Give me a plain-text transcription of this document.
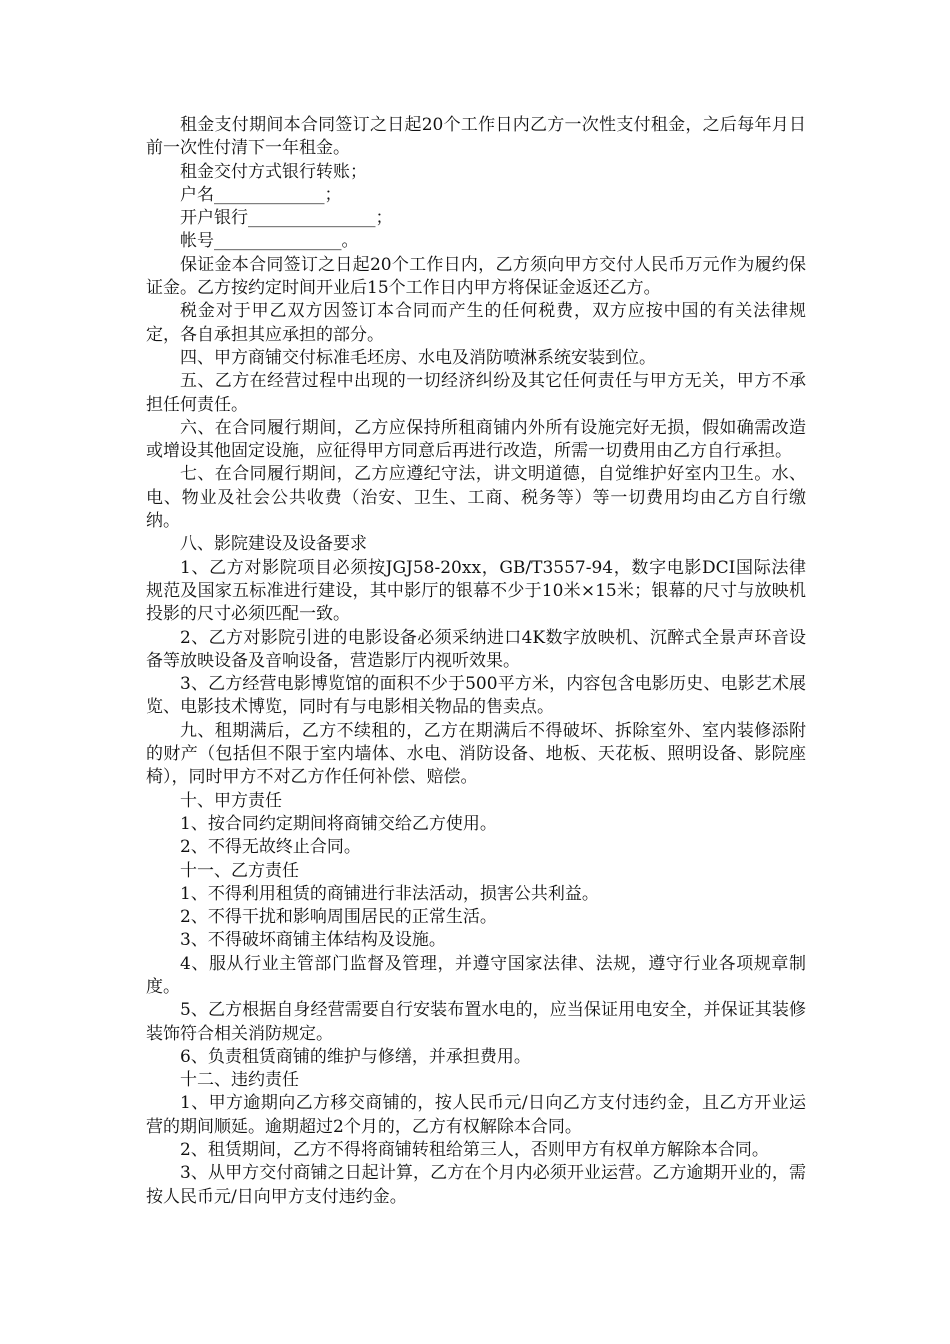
租金支付期间本合同签订之日起20个工作日内乙方一次性支付租金，之后每年月日前一次性付清下一年租金。

租金交付方式银行转账；

户名_____________；

开户银行_______________；

帐号_______________。

保证金本合同签订之日起20个工作日内，乙方须向甲方交付人民币万元作为履约保证金。乙方按约定时间开业后15个工作日内甲方将保证金返还乙方。

税金对于甲乙双方因签订本合同而产生的任何税费，双方应按中国的有关法律规定，各自承担其应承担的部分。

四、甲方商铺交付标准毛坯房、水电及消防喷淋系统安装到位。

五、乙方在经营过程中出现的一切经济纠纷及其它任何责任与甲方无关，甲方不承担任何责任。

六、在合同履行期间，乙方应保持所租商铺内外所有设施完好无损，假如确需改造或增设其他固定设施，应征得甲方同意后再进行改造，所需一切费用由乙方自行承担。

七、在合同履行期间，乙方应遵纪守法，讲文明道德，自觉维护好室内卫生。水、电、物业及社会公共收费（治安、卫生、工商、税务等）等一切费用均由乙方自行缴纳。

八、影院建设及设备要求

1、乙方对影院项目必须按JGJ58-20xx，GB/T3557-94，数字电影DCI国际法律规范及国家五标准进行建设，其中影厅的银幕不少于10米×15米；银幕的尺寸与放映机投影的尺寸必须匹配一致。

2、乙方对影院引进的电影设备必须采纳进口4K数字放映机、沉醉式全景声环音设备等放映设备及音响设备，营造影厅内视听效果。

3、乙方经营电影博览馆的面积不少于500平方米，内容包含电影历史、电影艺术展览、电影技术博览，同时有与电影相关物品的售卖点。

九、租期满后，乙方不续租的，乙方在期满后不得破坏、拆除室外、室内装修添附的财产（包括但不限于室内墙体、水电、消防设备、地板、天花板、照明设备、影院座椅），同时甲方不对乙方作任何补偿、赔偿。

十、甲方责任

1、按合同约定期间将商铺交给乙方使用。

2、不得无故终止合同。

十一、乙方责任

1、不得利用租赁的商铺进行非法活动，损害公共利益。

2、不得干扰和影响周围居民的正常生活。

3、不得破坏商铺主体结构及设施。

4、服从行业主管部门监督及管理，并遵守国家法律、法规，遵守行业各项规章制度。

5、乙方根据自身经营需要自行安装布置水电的，应当保证用电安全，并保证其装修装饰符合相关消防规定。

6、负责租赁商铺的维护与修缮，并承担费用。

十二、违约责任

1、甲方逾期向乙方移交商铺的，按人民币元/日向乙方支付违约金，且乙方开业运营的期间顺延。逾期超过2个月的，乙方有权解除本合同。

2、租赁期间，乙方不得将商铺转租给第三人，否则甲方有权单方解除本合同。

3、从甲方交付商铺之日起计算，乙方在个月内必须开业运营。乙方逾期开业的，需按人民币元/日向甲方支付违约金。
